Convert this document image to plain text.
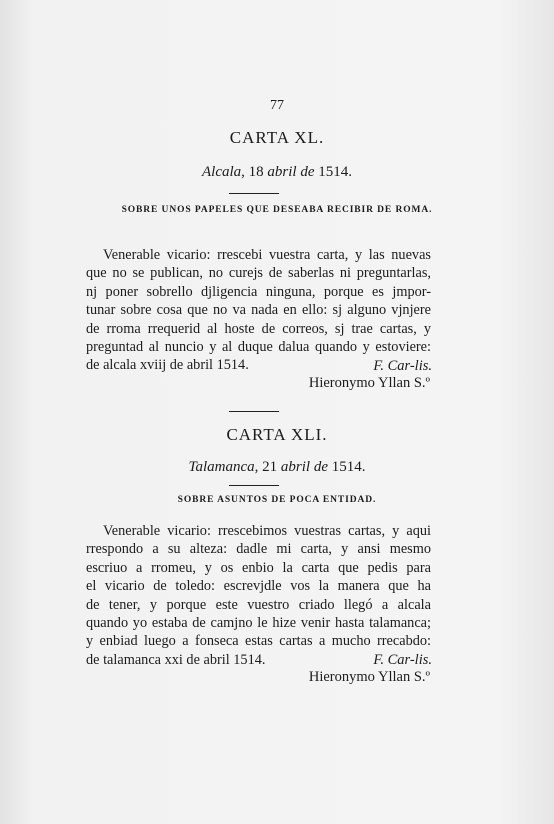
77
CARTA XL.
Alcala, 18 abril de 1514.
SOBRE UNOS PAPELES QUE DESEABA RECIBIR DE ROMA.
Venerable vicario: rrescebi vuestra carta, y las nuevas
que no se publican, no curejs de saberlas ni preguntarlas,
nj poner sobrello djligencia ninguna, porque es jmpor-
tunar sobre cosa que no va nada en ello: sj alguno vjnjere
de rroma rrequerid al hoste de correos, sj trae cartas, y
preguntad al nuncio y al duque dalua quando y estoviere:
de alcala xviij de abril 1514.	F. Car-lis.
Hieronymo Yllan S.º
CARTA XLI.
Talamanca, 21 abril de 1514.
SOBRE ASUNTOS DE POCA ENTIDAD.
Venerable vicario: rrescebimos vuestras cartas, y aqui
rrespondo a su alteza: dadle mi carta, y ansi mesmo
escriuo a rromeu, y os enbio la carta que pedis para
el vicario de toledo: escrevjdle vos la manera que ha
de tener, y porque este vuestro criado llegó a alcala
quando yo estaba de camjno le hize venir hasta talamanca;
y enbiad luego a fonseca estas cartas a mucho rrecabdo:
de talamanca xxi de abril 1514.	F. Car-lis.
Hieronymo Yllan S.º
